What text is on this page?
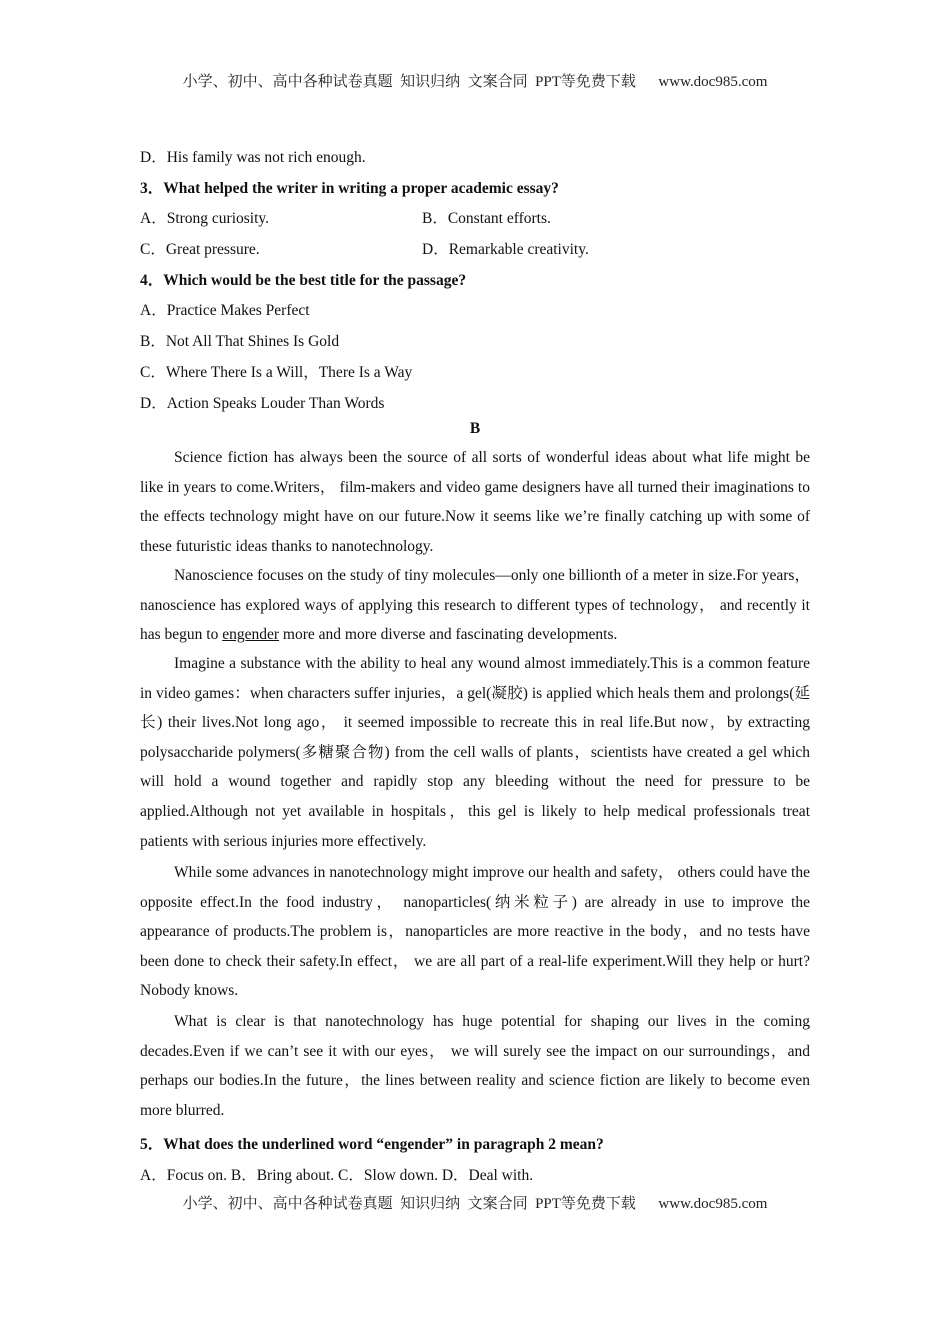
小学、初中、高中各种试卷真题  知识归纳  文案合同  PPT等免费下载      www.doc985.com
D．His family was not rich enough.
3．What helped the writer in writing a proper academic essay?
A．Strong curiosity.	B．Constant efforts.
C．Great pressure.	D．Remarkable creativity.
4．Which would be the best title for the passage?
A．Practice Makes Perfect
B．Not All That Shines Is Gold
C．Where There Is a Will，There Is a Way
D．Action Speaks Louder Than Words
B

Science fiction has always been the source of all sorts of wonderful ideas about what life might be like in years to come.Writers， film-makers and video game designers have all turned their imaginations to the effects technology might have on our future.Now it seems like we’re finally catching up with some of these futuristic ideas thanks to nanotechnology.

Nanoscience focuses on the study of tiny molecules—only one billionth of a meter in size.For years， nanoscience has explored ways of applying this research to different types of technology， and recently it has begun to engender more and more diverse and fascinating developments.

Imagine a substance with the ability to heal any wound almost immediately.This is a common feature in video games：when characters suffer injuries，a gel(凝胶) is applied which heals them and prolongs(延长) their lives.Not long ago， it seemed impossible to recreate this in real life.But now，by extracting polysaccharide polymers(多糖聚合物) from the cell walls of plants，scientists have created a gel which will hold a wound together and rapidly stop any bleeding without the need for pressure to be applied.Although not yet available in hospitals，this gel is likely to help medical professionals treat patients with serious injuries more effectively.

While some advances in nanotechnology might improve our health and safety， others could have the opposite effect.In the food industry， nanoparticles(纳米粒子) are already in use to improve the appearance of products.The problem is，nanoparticles are more reactive in the body，and no tests have been done to check their safety.In effect， we are all part of a real-life experiment.Will they help or hurt? Nobody knows.

What is clear is that nanotechnology has huge potential for shaping our lives in the coming decades.Even if we can’t see it with our eyes， we will surely see the impact on our surroundings，and perhaps our bodies.In the future，the lines between reality and science fiction are likely to become even more blurred.

5．What does the underlined word “engender” in paragraph 2 mean?
A．Focus on. B．Bring about. C．Slow down. D．Deal with.
小学、初中、高中各种试卷真题  知识归纳  文案合同  PPT等免费下载      www.doc985.com
